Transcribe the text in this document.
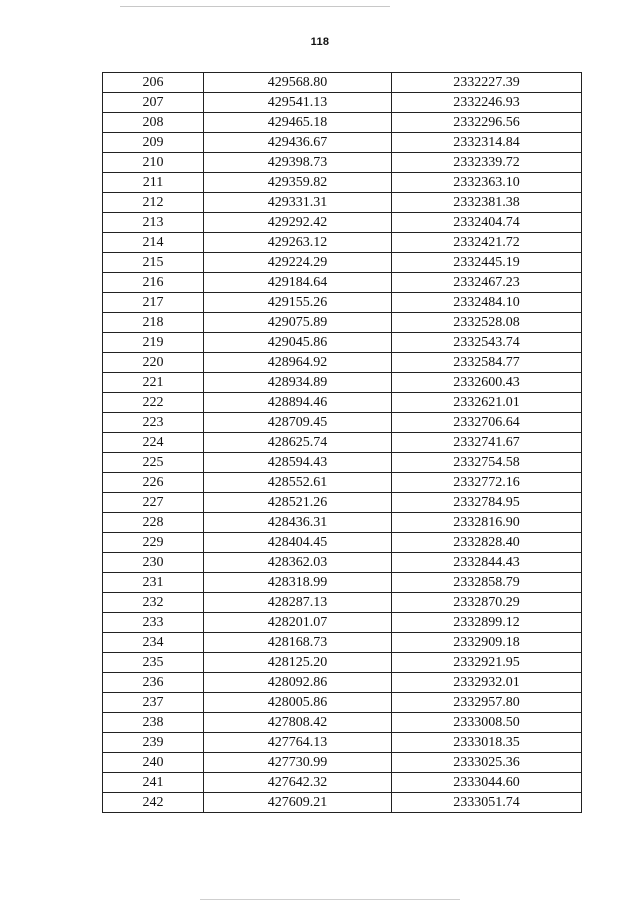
118
206	429568.80	2332227.39
207	429541.13	2332246.93
208	429465.18	2332296.56
209	429436.67	2332314.84
210	429398.73	2332339.72
211	429359.82	2332363.10
212	429331.31	2332381.38
213	429292.42	2332404.74
214	429263.12	2332421.72
215	429224.29	2332445.19
216	429184.64	2332467.23
217	429155.26	2332484.10
218	429075.89	2332528.08
219	429045.86	2332543.74
220	428964.92	2332584.77
221	428934.89	2332600.43
222	428894.46	2332621.01
223	428709.45	2332706.64
224	428625.74	2332741.67
225	428594.43	2332754.58
226	428552.61	2332772.16
227	428521.26	2332784.95
228	428436.31	2332816.90
229	428404.45	2332828.40
230	428362.03	2332844.43
231	428318.99	2332858.79
232	428287.13	2332870.29
233	428201.07	2332899.12
234	428168.73	2332909.18
235	428125.20	2332921.95
236	428092.86	2332932.01
237	428005.86	2332957.80
238	427808.42	2333008.50
239	427764.13	2333018.35
240	427730.99	2333025.36
241	427642.32	2333044.60
242	427609.21	2333051.74
